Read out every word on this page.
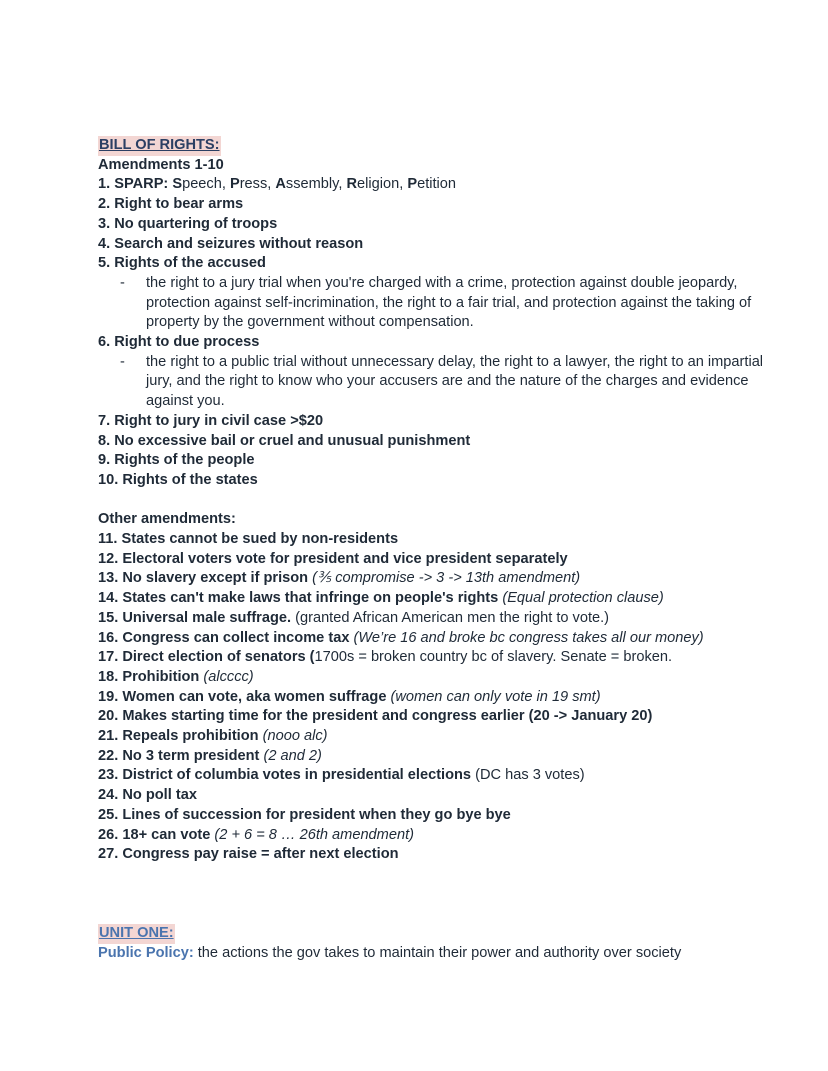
BILL OF RIGHTS:
Amendments 1-10
1. SPARP: Speech, Press, Assembly, Religion, Petition
2. Right to bear arms
3. No quartering of troops
4. Search and seizures without reason
5. Rights of the accused
- the right to a jury trial when you're charged with a crime, protection against double jeopardy, protection against self-incrimination, the right to a fair trial, and protection against the taking of property by the government without compensation.
6. Right to due process
- the right to a public trial without unnecessary delay, the right to a lawyer, the right to an impartial jury, and the right to know who your accusers are and the nature of the charges and evidence against you.
7. Right to jury in civil case >$20
8. No excessive bail or cruel and unusual punishment
9. Rights of the people
10. Rights of the states
Other amendments:
11. States cannot be sued by non-residents
12. Electoral voters vote for president and vice president separately
13. No slavery except if prison (⅗ compromise -> 3 -> 13th amendment)
14. States can't make laws that infringe on people's rights (Equal protection clause)
15. Universal male suffrage. (granted African American men the right to vote.)
16. Congress can collect income tax (We’re 16 and broke bc congress takes all our money)
17. Direct election of senators (1700s = broken country bc of slavery. Senate = broken.
18. Prohibition (alcccc)
19. Women can vote, aka women suffrage (women can only vote in 19 smt)
20. Makes starting time for the president and congress earlier (20 -> January 20)
21. Repeals prohibition (nooo alc)
22. No 3 term president (2 and 2)
23. District of columbia votes in presidential elections (DC has 3 votes)
24. No poll tax
25. Lines of succession for president when they go bye bye
26. 18+ can vote (2 + 6 = 8 … 26th amendment)
27. Congress pay raise = after next election
UNIT ONE:
Public Policy: the actions the gov takes to maintain their power and authority over society
